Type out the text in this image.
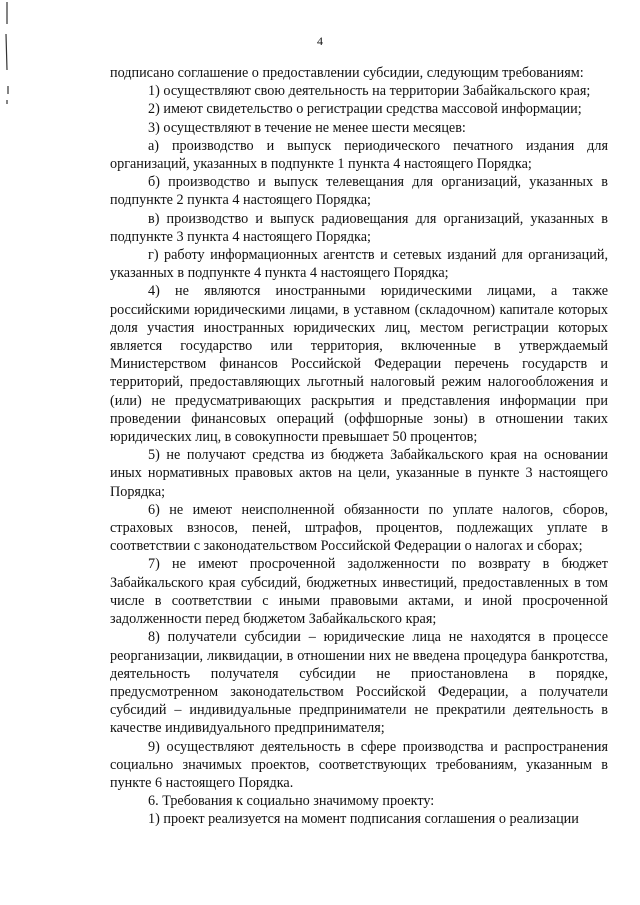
4

подписано соглашение о предоставлении субсидии, следующим требованиям:

1) осуществляют свою деятельность на территории Забайкальского края;

2) имеют свидетельство о регистрации средства массовой информации;

3) осуществляют в течение не менее шести месяцев:

а) производство и выпуск периодического печатного издания для организаций, указанных в подпункте 1 пункта 4 настоящего Порядка;

б) производство и выпуск телевещания для организаций, указанных в подпункте 2 пункта 4 настоящего Порядка;

в) производство и выпуск радиовещания для организаций, указанных в подпункте 3 пункта 4 настоящего Порядка;

г) работу информационных агентств и сетевых изданий для организаций, указанных в подпункте 4 пункта 4 настоящего Порядка;

4) не являются иностранными юридическими лицами, а также российскими юридическими лицами, в уставном (складочном) капитале которых доля участия иностранных юридических лиц, местом регистрации которых является государство или территория, включенные в утверждаемый Министерством финансов Российской Федерации перечень государств и территорий, предоставляющих льготный налоговый режим налогообложения и (или) не предусматривающих раскрытия и представления информации при проведении финансовых операций (оффшорные зоны) в отношении таких юридических лиц, в совокупности превышает 50 процентов;

5) не получают средства из бюджета Забайкальского края на основании иных нормативных правовых актов на цели, указанные в пункте 3 настоящего Порядка;

6) не имеют неисполненной обязанности по уплате налогов, сборов, страховых взносов, пеней, штрафов, процентов, подлежащих уплате в соответствии с законодательством Российской Федерации о налогах и сборах;

7) не имеют просроченной задолженности по возврату в бюджет Забайкальского края субсидий, бюджетных инвестиций, предоставленных в том числе в соответствии с иными правовыми актами, и иной просроченной задолженности перед бюджетом Забайкальского края;

8) получатели субсидии – юридические лица не находятся в процессе реорганизации, ликвидации, в отношении них не введена процедура банкротства, деятельность получателя субсидии не приостановлена в порядке, предусмотренном законодательством Российской Федерации, а получатели субсидий – индивидуальные предприниматели не прекратили деятельность в качестве индивидуального предпринимателя;

9) осуществляют деятельность в сфере производства и распространения социально значимых проектов, соответствующих требованиям, указанным в пункте 6 настоящего Порядка.

6. Требования к социально значимому проекту:

1) проект реализуется на момент подписания соглашения о реализации
